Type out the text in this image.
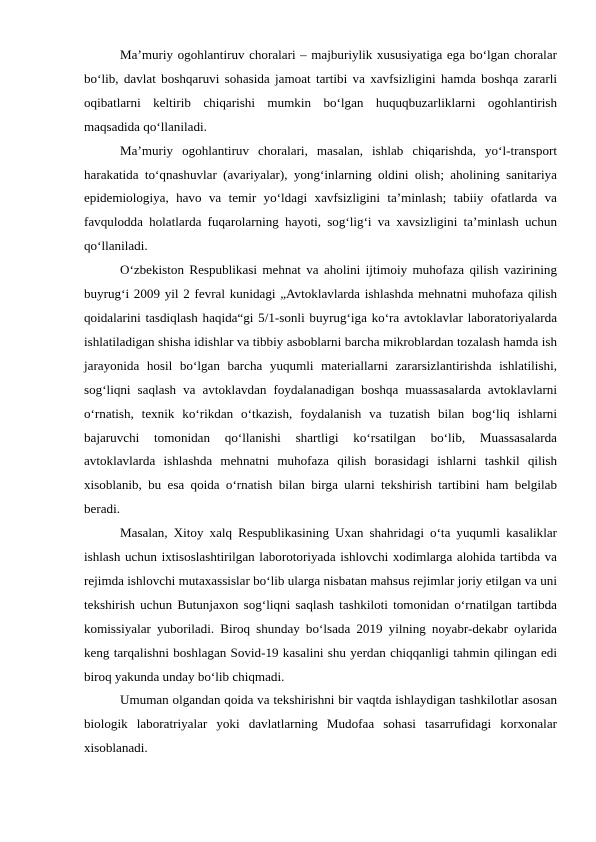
Ma’muriy ogohlantiruv choralari – majburiylik xususiyatiga ega bo‘lgan choralar bo‘lib, davlat boshqaruvi sohasida jamoat tartibi va xavfsizligini hamda boshqa zararli oqibatlarni keltirib chiqarishi mumkin bo‘lgan huquqbuzarliklarni ogohlantirish maqsadida qo‘llaniladi.

Ma’muriy ogohlantiruv choralari, masalan, ishlab chiqarishda, yo‘l-transport harakatida to‘qnashuvlar (avariyalar), yong‘inlarning oldini olish; aholining sanitariya epidemiologiya, havo va temir yo‘ldagi xavfsizligini ta’minlash; tabiiy ofatlarda va favqulodda holatlarda fuqarolarning hayoti, sog‘lig‘i va xavsizligini ta’minlash uchun qo‘llaniladi.

O‘zbekiston Respublikasi mehnat va aholini ijtimoiy muhofaza qilish vazirining buyrug‘i 2009 yil 2 fevral kunidagi „Avtoklavlarda ishlashda mehnatni muhofaza qilish qoidalarini tasdiqlash haqida“gi 5/1-sonli buyrug‘iga ko‘ra avtoklavlar laboratoriyalarda ishlatiladigan shisha idishlar va tibbiy asboblarni barcha mikroblardan tozalash hamda ish jarayonida hosil bo‘lgan barcha yuqumli materiallarni zararsizlantirishda ishlatilishi, sog‘liqni saqlash va avtoklavdan foydalanadigan boshqa muassasalarda avtoklavlarni o‘rnatish, texnik ko‘rikdan o‘tkazish, foydalanish va tuzatish bilan bog‘liq ishlarni bajaruvchi tomonidan qo‘llanishi shartligi ko‘rsatilgan bo‘lib, Muassasalarda avtoklavlarda ishlashda mehnatni muhofaza qilish borasidagi ishlarni tashkil qilish xisoblanib, bu esa qoida o‘rnatish bilan birga ularni tekshirish tartibini ham belgilab beradi.

Masalan, Xitoy xalq Respublikasining Uxan shahridagi o‘ta yuqumli kasaliklar ishlash uchun ixtisoslashtirilgan laborotoriyada ishlovchi xodimlarga alohida tartibda va rejimda ishlovchi mutaxassislar bo‘lib ularga nisbatan mahsus rejimlar joriy etilgan va uni tekshirish uchun Butunjaxon sog‘liqni saqlash tashkiloti tomonidan o‘rnatilgan tartibda komissiyalar yuboriladi. Biroq shunday bo‘lsada 2019 yilning noyabr-dekabr oylarida keng tarqalishni boshlagan Sovid-19 kasalini shu yerdan chiqqanligi tahmin qilingan edi biroq yakunda unday bo‘lib chiqmadi.

Umuman olgandan qoida va tekshirishni bir vaqtda ishlaydigan tashkilotlar asosan biologik laboratriyalar yoki davlatlarning Mudofaa sohasi tasarrufidagi korxonalar xisoblanadi.
